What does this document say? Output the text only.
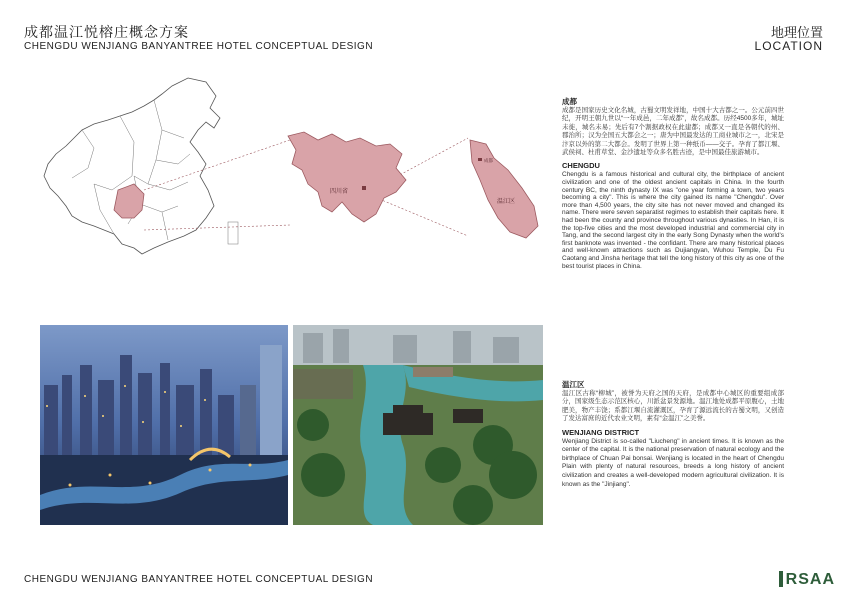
成都温江悦榕庄概念方案
CHENGDU WENJIANG BANYANTREE HOTEL CONCEPTUAL DESIGN
地理位置
LOCATION
四川省
成都
温江区
成都
成都是国家历史文化名城，古蜀文明发祥地，中国十大古都之一。公元前四世纪，开明王朝九世以“一年成邑，二年成都”，故名成都。历经4500多年，城址未徙，城名未易；先后有7个割据政权在此建都；成都又一直是各朝代的州、郡治所；汉为全国五大都会之一；唐为中国最发达的工商业城市之一，北宋是汴京以外的第二大都会。发明了世界上第一种纸币——交子。孕育了都江堰、武侯祠、杜甫草堂、金沙遗址等众多名胜古迹，是中国最佳旅游城市。
CHENGDU
Chengdu is a famous historical and cultural city, the birthplace of ancient civilization and one of the oldest ancient capitals in China. In the fourth century BC, the ninth dynasty IX was "one year forming a town, two years becoming a city". This is where the city gained its name "Chengdu". Over more than 4,500 years, the city site has not never moved and changed its name. There were seven separatist regimes to establish their capitals here. It had been the county and province throughout various dynasties. In Han, it is the top-five cities and the most developed industrial and commercial city in Tang, and the second largest city in the early Song Dynasty when the world's first banknote was invented - the confidant. There are many historical places and well-known attractions such as Dujiangyan, Wuhou Temple, Du Fu Caotang and Jinsha heritage that tell the long history of this city as one of the best tourist places in China.
温江区
温江区古称“柳城”，被誉为天府之国的天府，是成都中心城区的重要组成部分，国家级生态示范区核心，川派盆景发源地。温江地处成都平原腹心，土地肥美，物产丰饶；系都江堰自流灌溉区，孕育了源远流长的古蜀文明，又创造了发达富庶的近代农业文明，素有“金温江”之美誉。
WENJIANG DISTRICT
Wenjiang District is so-called "Liucheng" in ancient times. It is known as the center of the capital. It is the national preservation of natural ecology and the birthplace of Chuan Pai bonsai. Wenjiang is located in the heart of Chengdu Plain with plenty of natural resources, breeds a long history of ancient civilization and creates a well-developed modern agricultural civilization. It is known as the "Jinjiang".
CHENGDU WENJIANG BANYANTREE HOTEL CONCEPTUAL DESIGN	RSAA
